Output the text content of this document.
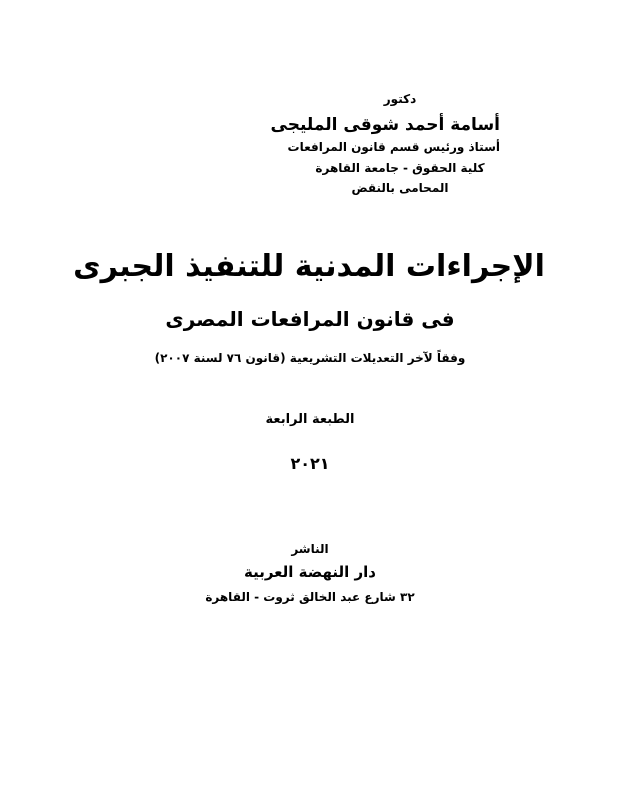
دكتور
أسامة أحمد شوقى المليجى
أستاذ ورئيس قسم قانون المرافعات
كلية الحقوق - جامعة القاهرة
المحامى بالنقض
الإجراءات المدنية للتنفيذ الجبرى
فى قانون المرافعات المصرى
وفقاً لآخر التعديلات التشريعية (قانون ٧٦ لسنة ٢٠٠٧)
الطبعة الرابعة
٢٠٢١
الناشر
دار النهضة العربية
٣٢ شارع عبد الخالق ثروت - القاهرة
